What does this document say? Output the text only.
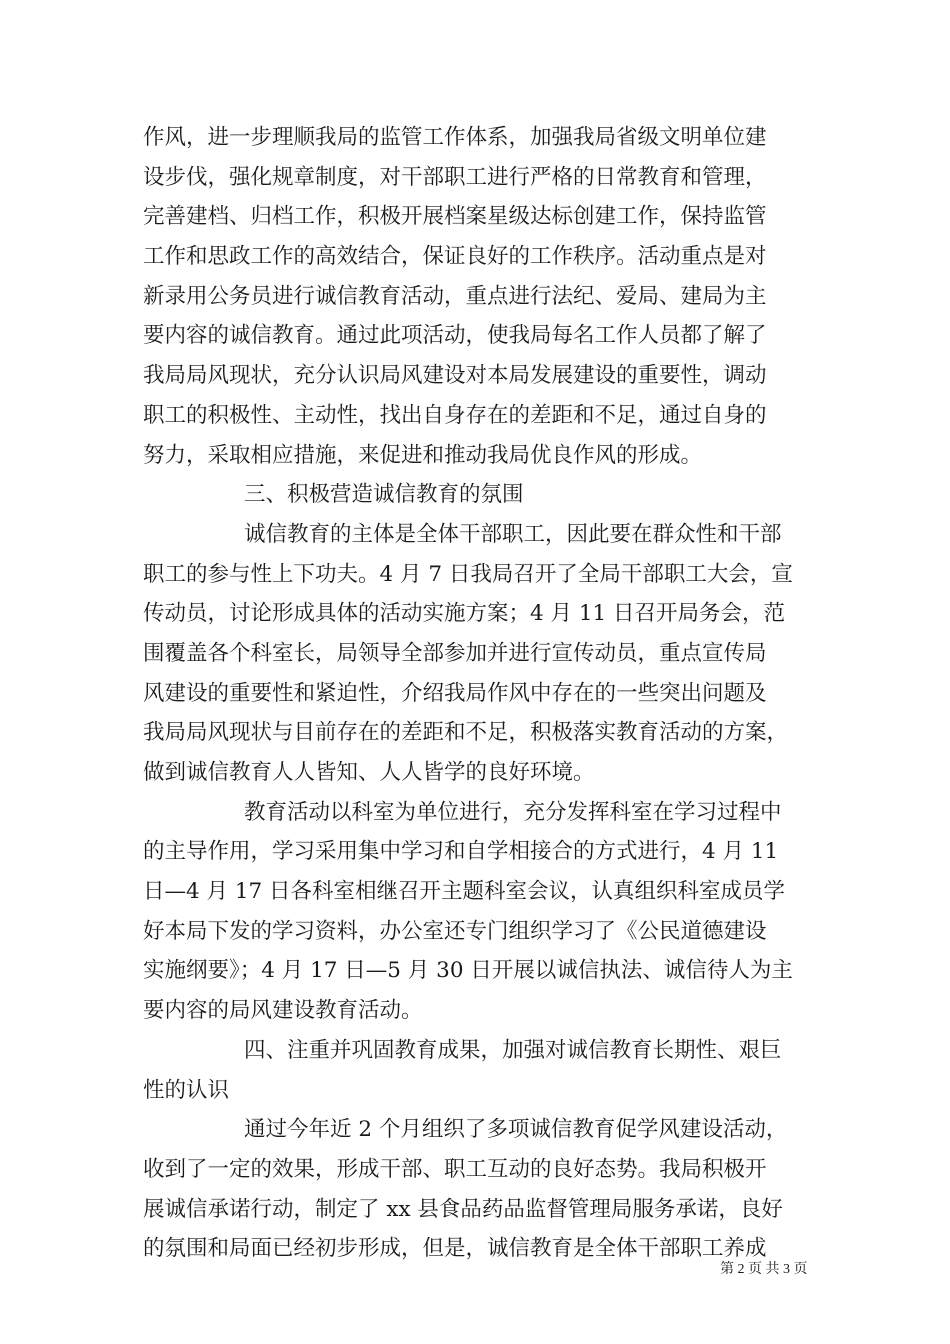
作风，进一步理顺我局的监管工作体系，加强我局省级文明单位建
设步伐，强化规章制度，对干部职工进行严格的日常教育和管理，
完善建档、归档工作，积极开展档案星级达标创建工作，保持监管
工作和思政工作的高效结合，保证良好的工作秩序。活动重点是对
新录用公务员进行诚信教育活动，重点进行法纪、爱局、建局为主
要内容的诚信教育。通过此项活动，使我局每名工作人员都了解了
我局局风现状，充分认识局风建设对本局发展建设的重要性，调动
职工的积极性、主动性，找出自身存在的差距和不足，通过自身的
努力，采取相应措施，来促进和推动我局优良作风的形成。
三、积极营造诚信教育的氛围
诚信教育的主体是全体干部职工，因此要在群众性和干部
职工的参与性上下功夫。4 月 7 日我局召开了全局干部职工大会，宣
传动员，讨论形成具体的活动实施方案；4 月 11 日召开局务会，范
围覆盖各个科室长，局领导全部参加并进行宣传动员，重点宣传局
风建设的重要性和紧迫性，介绍我局作风中存在的一些突出问题及
我局局风现状与目前存在的差距和不足，积极落实教育活动的方案，
做到诚信教育人人皆知、人人皆学的良好环境。
教育活动以科室为单位进行，充分发挥科室在学习过程中
的主导作用，学习采用集中学习和自学相接合的方式进行，4 月 11
日—4 月 17 日各科室相继召开主题科室会议，认真组织科室成员学
好本局下发的学习资料，办公室还专门组织学习了《公民道德建设
实施纲要》；4 月 17 日—5 月 30 日开展以诚信执法、诚信待人为主
要内容的局风建设教育活动。
四、注重并巩固教育成果，加强对诚信教育长期性、艰巨
性的认识
通过今年近 2 个月组织了多项诚信教育促学风建设活动，
收到了一定的效果，形成干部、职工互动的良好态势。我局积极开
展诚信承诺行动，制定了 xx 县食品药品监督管理局服务承诺，良好
的氛围和局面已经初步形成，但是，诚信教育是全体干部职工养成
第 2 页 共 3 页
